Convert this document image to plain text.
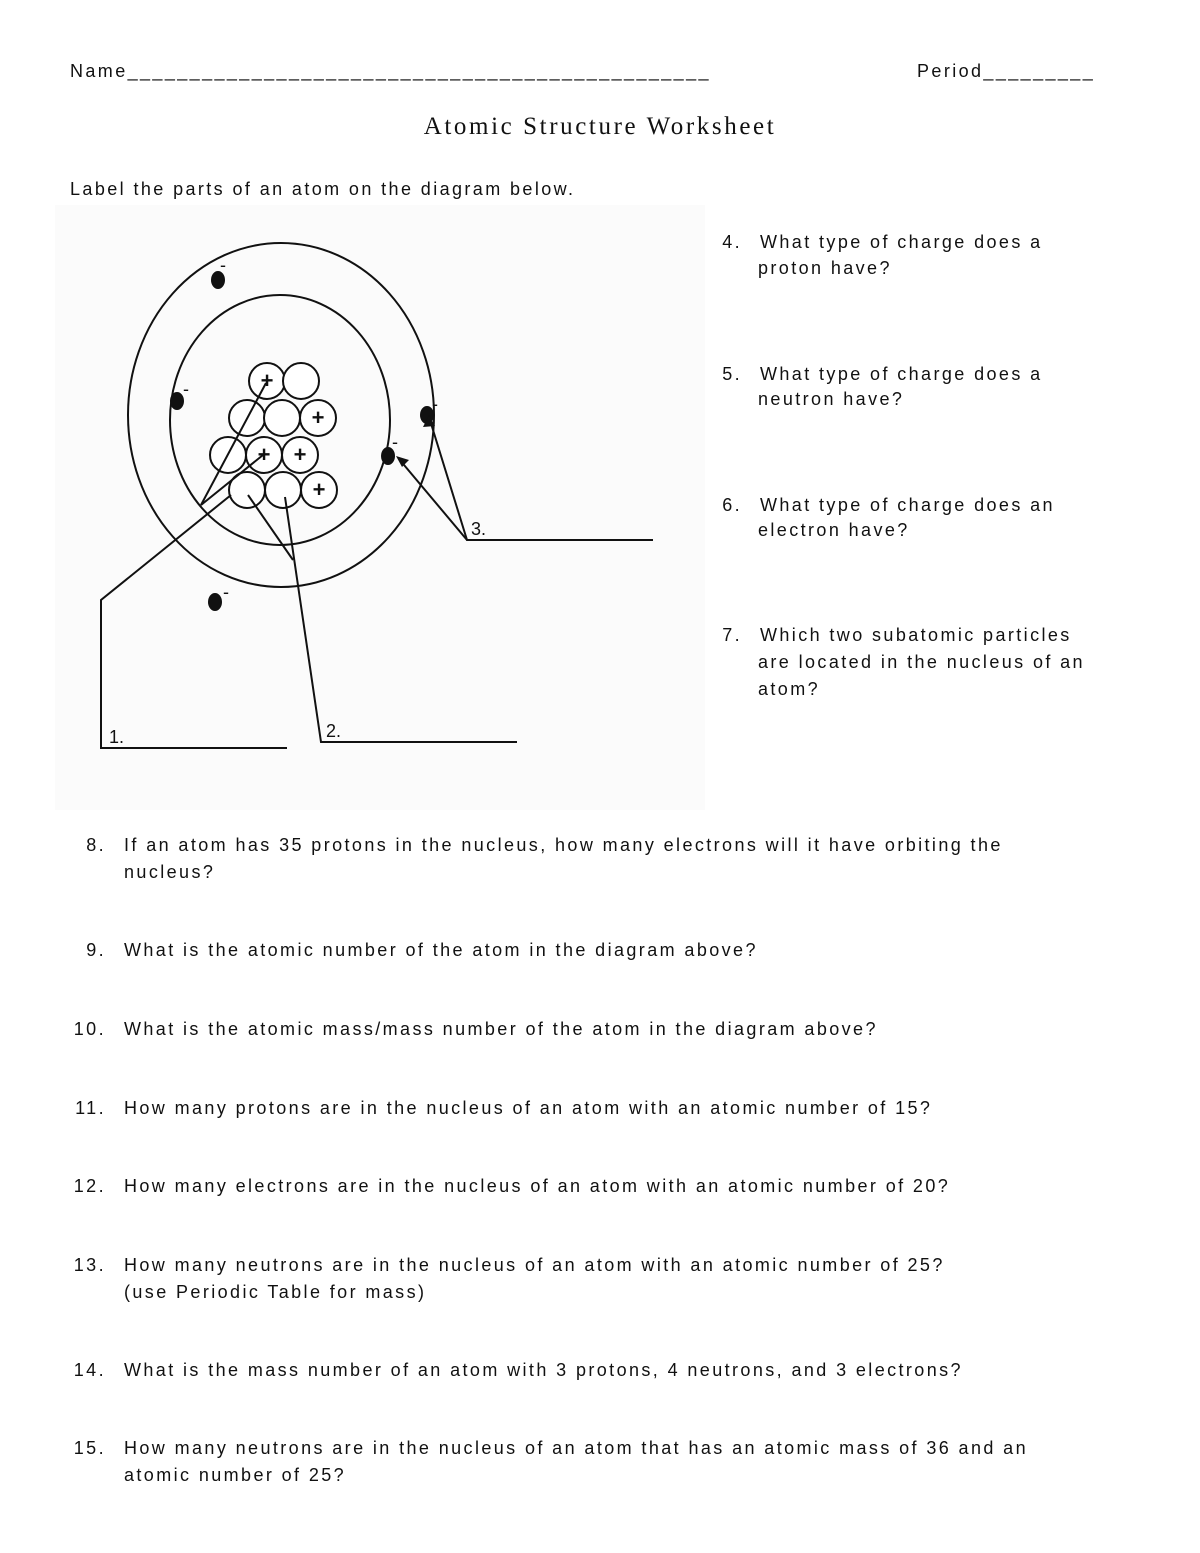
Name_______________________________________________	Period_________
Atomic Structure Worksheet
Label the parts of an atom on the diagram below.
+
+
+ +
+
-
-
-
-
-
1.	2.
3.
4. What type of charge does a
proton have?
5. What type of charge does a
neutron have?
6. What type of charge does an
electron have?
7. Which two subatomic particles
are located in the nucleus of an
atom?
8. If an atom has 35 protons in the nucleus, how many electrons will it have orbiting the
nucleus?
9. What is the atomic number of the atom in the diagram above?
10. What is the atomic mass/mass number of the atom in the diagram above?
11. How many protons are in the nucleus of an atom with an atomic number of 15?
12. How many electrons are in the nucleus of an atom with an atomic number of 20?
13. How many neutrons are in the nucleus of an atom with an atomic number of 25?
(use Periodic Table for mass)
14. What is the mass number of an atom with 3 protons, 4 neutrons, and 3 electrons?
15. How many neutrons are in the nucleus of an atom that has an atomic mass of 36 and an
atomic number of 25?
